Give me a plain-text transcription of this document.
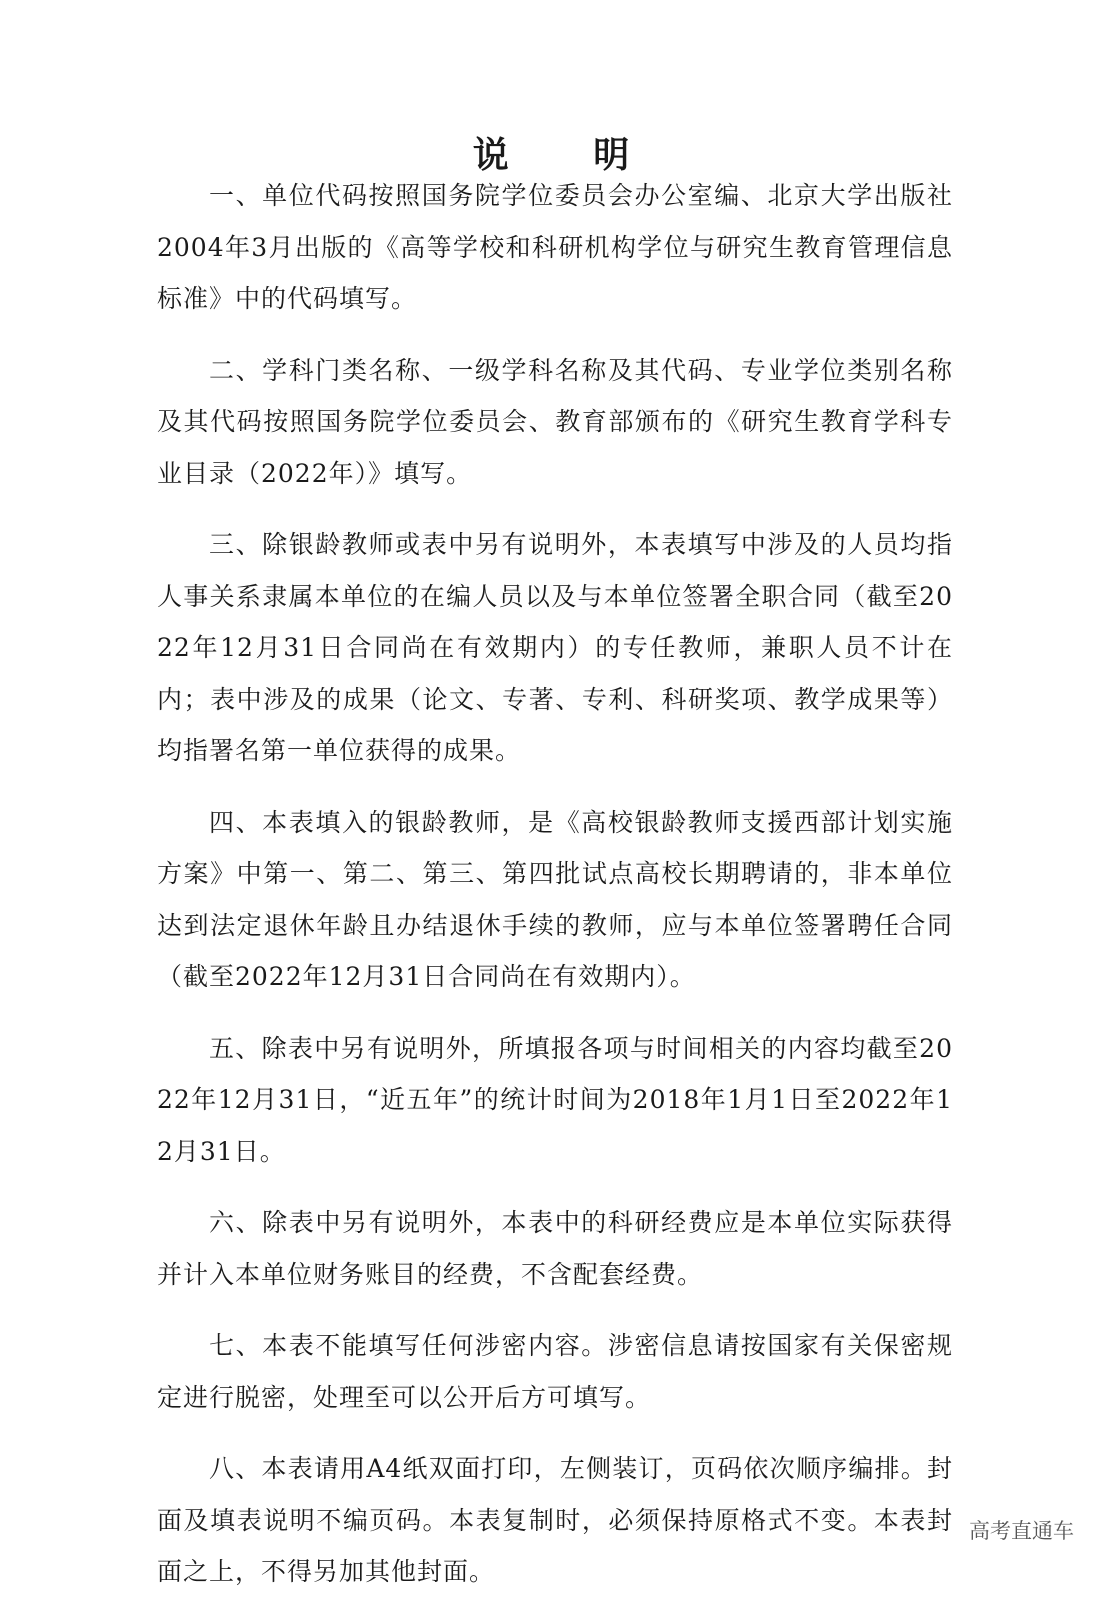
说 明

一、单位代码按照国务院学位委员会办公室编、北京大学出版社2004年3月出版的《高等学校和科研机构学位与研究生教育管理信息标准》中的代码填写。

二、学科门类名称、一级学科名称及其代码、专业学位类别名称及其代码按照国务院学位委员会、教育部颁布的《研究生教育学科专业目录（2022年）》填写。

三、除银龄教师或表中另有说明外，本表填写中涉及的人员均指人事关系隶属本单位的在编人员以及与本单位签署全职合同（截至2022年12月31日合同尚在有效期内）的专任教师，兼职人员不计在内；表中涉及的成果（论文、专著、专利、科研奖项、教学成果等）均指署名第一单位获得的成果。

四、本表填入的银龄教师，是《高校银龄教师支援西部计划实施方案》中第一、第二、第三、第四批试点高校长期聘请的，非本单位达到法定退休年龄且办结退休手续的教师，应与本单位签署聘任合同（截至2022年12月31日合同尚在有效期内）。

五、除表中另有说明外，所填报各项与时间相关的内容均截至2022年12月31日，“近五年”的统计时间为2018年1月1日至2022年12月31日。

六、除表中另有说明外，本表中的科研经费应是本单位实际获得并计入本单位财务账目的经费，不含配套经费。

七、本表不能填写任何涉密内容。涉密信息请按国家有关保密规定进行脱密，处理至可以公开后方可填写。

八、本表请用A4纸双面打印，左侧装订，页码依次顺序编排。封面及填表说明不编页码。本表复制时，必须保持原格式不变。本表封面之上，不得另加其他封面。

高考直通车
